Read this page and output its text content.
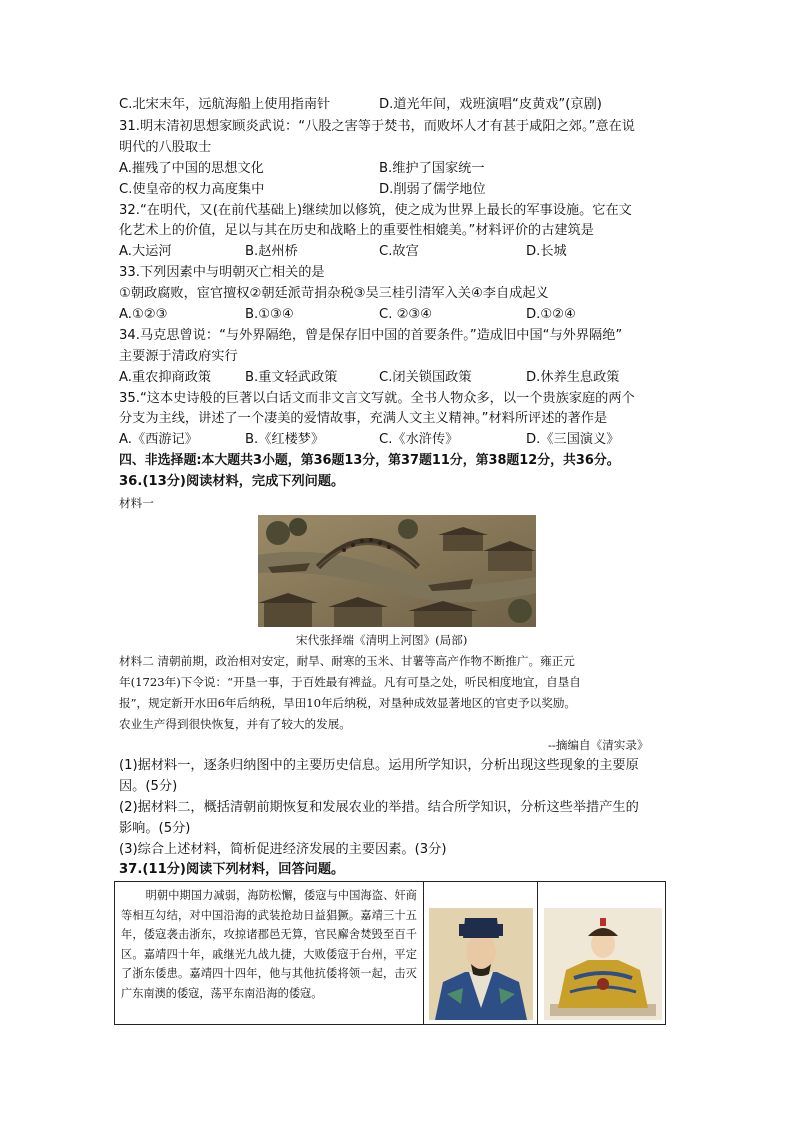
C.北宋末年，远航海船上使用指南针	D.道光年间，戏班演唱“皮黄戏”(京剧)
31.明末清初思想家顾炎武说：“八股之害等于焚书，而败坏人才有甚于咸阳之郊。”意在说
明代的八股取士
A.摧残了中国的思想文化	B.维护了国家统一
C.使皇帝的权力高度集中	D.削弱了儒学地位
32.“在明代，又(在前代基础上)继续加以修筑，使之成为世界上最长的军事设施。它在文
化艺术上的价值，足以与其在历史和战略上的重要性相媲美。”材料评价的古建筑是
A.大运河	B.赵州桥	C.故宫	D.长城
33.下列因素中与明朝灭亡相关的是
①朝政腐败，宦官擅权②朝廷派苛捐杂税③吴三桂引清军入关④李自成起义
A.①②③	B.①③④	C. ②③④	D.①②④
34.马克思曾说：“与外界隔绝，曾是保存旧中国的首要条件。”造成旧中国“与外界隔绝”
主要源于清政府实行
A.重农抑商政策	B.重文轻武政策	C.闭关锁国政策	D.休养生息政策
35.“这本史诗般的巨著以白话文而非文言文写就。全书人物众多，以一个贵族家庭的两个
分支为主线，讲述了一个凄美的爱情故事，充满人文主义精神。”材料所评述的著作是
A.《西游记》	B.《红楼梦》	C.《水浒传》	D.《三国演义》
四、非选择题:本大题共3小题，第36题13分，第37题11分，第38题12分，共36分。
36.(13分)阅读材料，完成下列问题。
材料一
宋代张择端《清明上河图》(局部)
材料二 清朝前期，政治相对安定，耐旱、耐寒的玉米、甘薯等高产作物不断推广。雍正元
年(1723年)下令说：“开垦一事，于百姓最有裨益。凡有可垦之处，听民相度地宜，自垦自
报”，规定新开水田6年后纳税，旱田10年后纳税，对垦种成效显著地区的官吏予以奖励。
农业生产得到很快恢复，并有了较大的发展。
--摘编自《清实录》
(1)据材料一，逐条归纳图中的主要历史信息。运用所学知识，分析出现这些现象的主要原
因。(5分)
(2)据材料二，概括清朝前期恢复和发展农业的举措。结合所学知识，分析这些举措产生的
影响。(5分)
(3)综合上述材料，简析促进经济发展的主要因素。(3分)
37.(11分)阅读下列材料，回答问题。
明朝中期国力减弱，海防松懈，倭寇与中国海盗、奸商等相互勾结，对中国沿海的武装抢劫日益猖獗。嘉靖三十五年，倭寇袭击浙东，攻掠诸郡邑无算，官民廨舍焚毁至百千区。嘉靖四十年，戚继光九战九捷，大败倭寇于台州，平定了浙东倭患。嘉靖四十四年，他与其他抗倭将领一起，击灭广东南澳的倭寇，荡平东南沿海的倭寇。
